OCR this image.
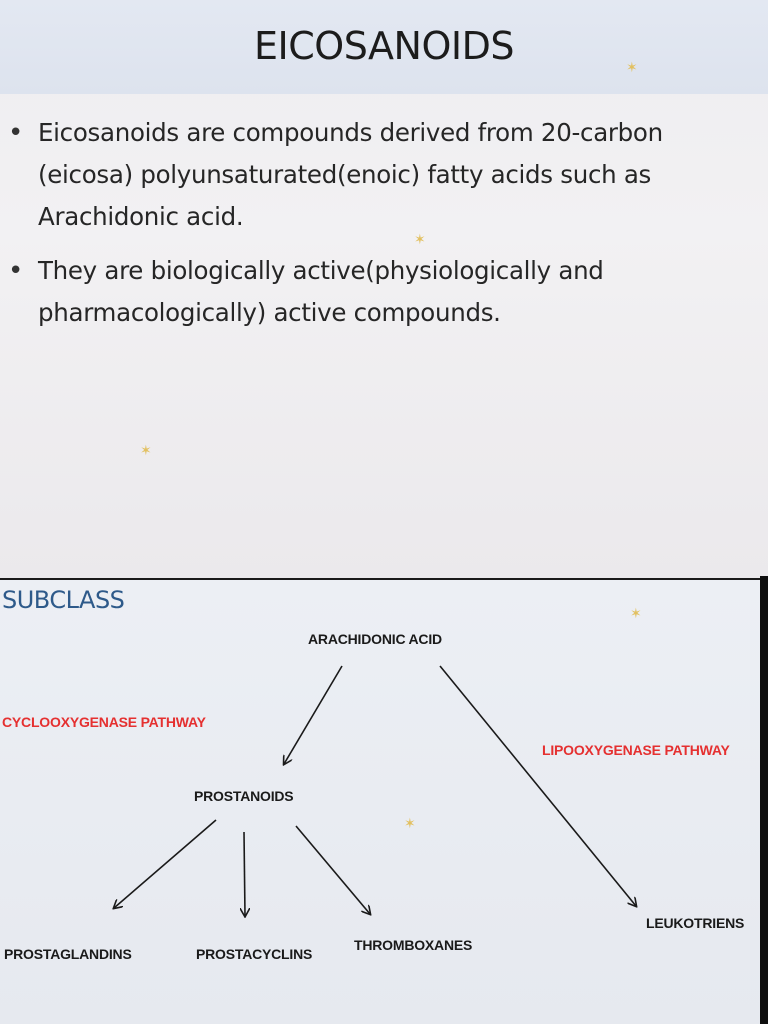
EICOSANOIDS	✶
✶
✶
• Eicosanoids are compounds derived from 20-carbon
(eicosa) polyunsaturated(enoic) fatty acids such as
Arachidonic acid.
• They are biologically active(physiologically and
pharmacologically) active compounds.
SUBCLASS	✶
✶
ARACHIDONIC ACID
CYCLOOXYGENASE PATHWAY
LIPOOXYGENASE PATHWAY
PROSTANOIDS
PROSTAGLANDINS	PROSTACYCLINS
THROMBOXANES
LEUKOTRIENS
